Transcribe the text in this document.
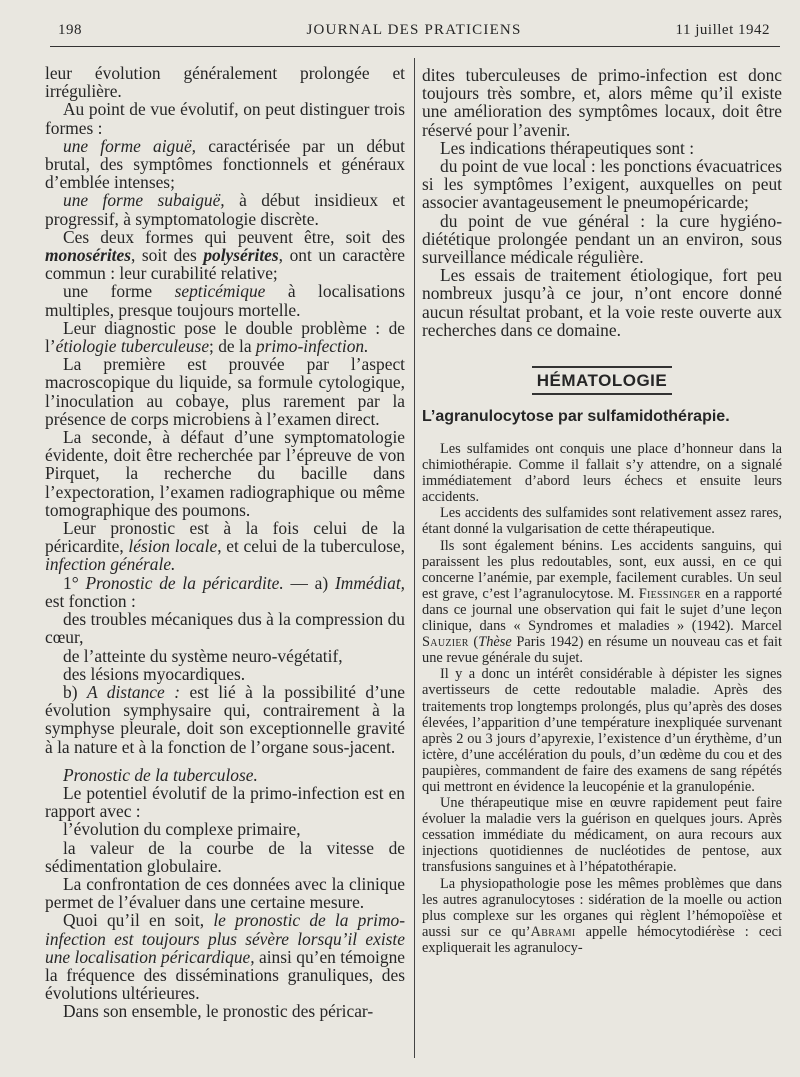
198	JOURNAL DES PRATICIENS	11 juillet 1942

leur évolution généralement prolongée et irrégulière.

Au point de vue évolutif, on peut distinguer trois formes :

une forme aiguë, caractérisée par un début brutal, des symptômes fonctionnels et généraux d’emblée intenses;

une forme subaiguë, à début insidieux et progressif, à symptomatologie discrète.

Ces deux formes qui peuvent être, soit des monosérites, soit des polysérites, ont un caractère commun : leur curabilité relative;

une forme septicémique à localisations multiples, presque toujours mortelle.

Leur diagnostic pose le double problème : de l’étiologie tuberculeuse; de la primo-infection.

La première est prouvée par l’aspect macroscopique du liquide, sa formule cytologique, l’inoculation au cobaye, plus rarement par la présence de corps microbiens à l’examen direct.

La seconde, à défaut d’une symptomatologie évidente, doit être recherchée par l’épreuve de von Pirquet, la recherche du bacille dans l’expectoration, l’examen radiographique ou même tomographique des poumons.

Leur pronostic est à la fois celui de la péricardite, lésion locale, et celui de la tuberculose, infection générale.

1° Pronostic de la péricardite. — a) Immédiat, est fonction :

des troubles mécaniques dus à la compression du cœur,

de l’atteinte du système neuro-végétatif,

des lésions myocardiques.

b) A distance : est lié à la possibilité d’une évolution symphysaire qui, contrairement à la symphyse pleurale, doit son exceptionnelle gravité à la nature et à la fonction de l’organe sous-jacent.

Pronostic de la tuberculose.

Le potentiel évolutif de la primo-infection est en rapport avec :

l’évolution du complexe primaire,

la valeur de la courbe de la vitesse de sédimentation globulaire.

La confrontation de ces données avec la clinique permet de l’évaluer dans une certaine mesure.

Quoi qu’il en soit, le pronostic de la primo-infection est toujours plus sévère lorsqu’il existe une localisation péricardique, ainsi qu’en témoigne la fréquence des disséminations granuliques, des évolutions ultérieures.

Dans son ensemble, le pronostic des péricar-

dites tuberculeuses de primo-infection est donc toujours très sombre, et, alors même qu’il existe une amélioration des symptômes locaux, doit être réservé pour l’avenir.

Les indications thérapeutiques sont :

du point de vue local : les ponctions évacuatrices si les symptômes l’exigent, auxquelles on peut associer avantageusement le pneumopéricarde;

du point de vue général : la cure hygiéno-diététique prolongée pendant un an environ, sous surveillance médicale régulière.

Les essais de traitement étiologique, fort peu nombreux jusqu’à ce jour, n’ont encore donné aucun résultat probant, et la voie reste ouverte aux recherches dans ce domaine.

HÉMATOLOGIE
L’agranulocytose par sulfamidothérapie.

Les sulfamides ont conquis une place d’honneur dans la chimiothérapie. Comme il fallait s’y attendre, on a signalé immédiatement d’abord leurs échecs et ensuite leurs accidents.

Les accidents des sulfamides sont relativement assez rares, étant donné la vulgarisation de cette thérapeutique.

Ils sont également bénins. Les accidents sanguins, qui paraissent les plus redoutables, sont, eux aussi, en ce qui concerne l’anémie, par exemple, facilement curables. Un seul est grave, c’est l’agranulocytose. M. Fiessinger en a rapporté dans ce journal une observation qui fait le sujet d’une leçon clinique, dans « Syndromes et maladies » (1942). Marcel Sauzier (Thèse Paris 1942) en résume un nouveau cas et fait une revue générale du sujet.

Il y a donc un intérêt considérable à dépister les signes avertisseurs de cette redoutable maladie. Après des traitements trop longtemps prolongés, plus qu’après des doses élevées, l’apparition d’une température inexpliquée survenant après 2 ou 3 jours d’apyrexie, l’existence d’un érythème, d’un ictère, d’une accélération du pouls, d’un œdème du cou et des paupières, commandent de faire des examens de sang répétés qui mettront en évidence la leucopénie et la granulopénie.

Une thérapeutique mise en œuvre rapidement peut faire évoluer la maladie vers la guérison en quelques jours. Après cessation immédiate du médicament, on aura recours aux injections quotidiennes de nucléotides de pentose, aux transfusions sanguines et à l’hépatothérapie.

La physiopathologie pose les mêmes problèmes que dans les autres agranulocytoses : sidération de la moelle ou action plus complexe sur les organes qui règlent l’hémopoïèse et aussi sur ce qu’Abrami appelle hémocytodiérèse : ceci expliquerait les agranulocy-
